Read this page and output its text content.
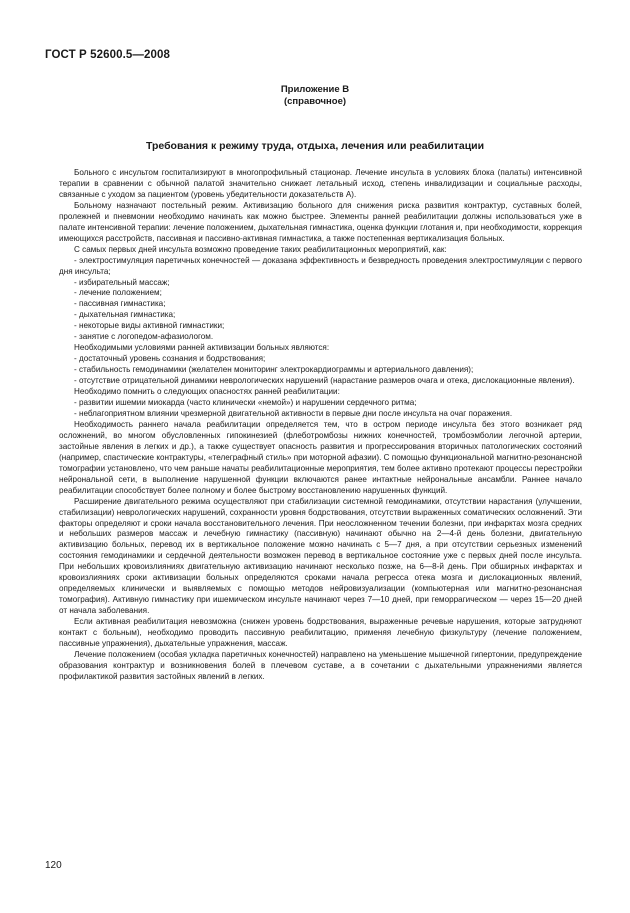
ГОСТ Р 52600.5—2008
Приложение В
(справочное)
Требования к режиму труда, отдыха, лечения или реабилитации

Больного с инсультом госпитализируют в многопрофильный стационар. Лечение инсульта в условиях блока (палаты) интенсивной терапии в сравнении с обычной палатой значительно снижает летальный исход, степень инвалидизации и социальные расходы, связанные с уходом за пациентом (уровень убедительности доказательств А).

Больному назначают постельный режим. Активизацию больного для снижения риска развития контрактур, суставных болей, пролежней и пневмонии необходимо начинать как можно быстрее. Элементы ранней реабилитации должны использоваться уже в палате интенсивной терапии: лечение положением, дыхательная гимнастика, оценка функции глотания и, при необходимости, коррекция имеющихся расстройств, пассивная и пассивно-активная гимнастика, а также постепенная вертикализация больных.

С самых первых дней инсульта возможно проведение таких реабилитационных мероприятий, как:

- электростимуляция паретичных конечностей — доказана эффективность и безвредность проведения электростимуляции с первого дня инсульта;

- избирательный массаж;

- лечение положением;

- пассивная гимнастика;

- дыхательная гимнастика;

- некоторые виды активной гимнастики;

- занятие с логопедом-афазиологом.

Необходимыми условиями ранней активизации больных являются:

- достаточный уровень сознания и бодрствования;

- стабильность гемодинамики (желателен мониторинг электрокардиограммы и артериального давления);

- отсутствие отрицательной динамики неврологических нарушений (нарастание размеров очага и отека, дислокационные явления).

Необходимо помнить о следующих опасностях ранней реабилитации:

- развитии ишемии миокарда (часто клинически «немой») и нарушении сердечного ритма;

- неблагоприятном влиянии чрезмерной двигательной активности в первые дни после инсульта на очаг поражения.

Необходимость раннего начала реабилитации определяется тем, что в остром периоде инсульта без этого возникает ряд осложнений, во многом обусловленных гипокинезией (флеботромбозы нижних конечностей, тромбоэмболии легочной артерии, застойные явления в легких и др.), а также существует опасность развития и прогрессирования вторичных патологических состояний (например, спастические контрактуры, «телеграфный стиль» при моторной афазии). С помощью функциональной магнитно-резонансной томографии установлено, что чем раньше начаты реабилитационные мероприятия, тем более активно протекают процессы перестройки нейрональной сети, в выполнение нарушенной функции включаются ранее интактные нейрональные ансамбли. Раннее начало реабилитации способствует более полному и более быстрому восстановлению нарушенных функций.

Расширение двигательного режима осуществляют при стабилизации системной гемодинамики, отсутствии нарастания (улучшении, стабилизации) неврологических нарушений, сохранности уровня бодрствования, отсутствии выраженных соматических осложнений. Эти факторы определяют и сроки начала восстановительного лечения. При неосложненном течении болезни, при инфарктах мозга средних и небольших размеров массаж и лечебную гимнастику (пассивную) начинают обычно на 2—4-й день болезни, двигательную активизацию больных, перевод их в вертикальное положение можно начинать с 5—7 дня, а при отсутствии серьезных изменений состояния гемодинамики и сердечной деятельности возможен перевод в вертикальное состояние уже с первых дней после инсульта. При небольших кровоизлияниях двигательную активизацию начинают несколько позже, на 6—8-й день. При обширных инфарктах и кровоизлияниях сроки активизации больных определяются сроками начала регресса отека мозга и дислокационных явлений, определяемых клинически и выявляемых с помощью методов нейровизуализации (компьютерная или магнитно-резонансная томография). Активную гимнастику при ишемическом инсульте начинают через 7—10 дней, при геморрагическом — через 15—20 дней от начала заболевания.

Если активная реабилитация невозможна (снижен уровень бодрствования, выраженные речевые нарушения, которые затрудняют контакт с больным), необходимо проводить пассивную реабилитацию, применяя лечебную физкультуру (лечение положением, пассивные упражнения), дыхательные упражнения, массаж.

Лечение положением (особая укладка паретичных конечностей) направлено на уменьшение мышечной гипертонии, предупреждение образования контрактур и возникновения болей в плечевом суставе, а в сочетании с дыхательными упражнениями является профилактикой развития застойных явлений в легких.

120
